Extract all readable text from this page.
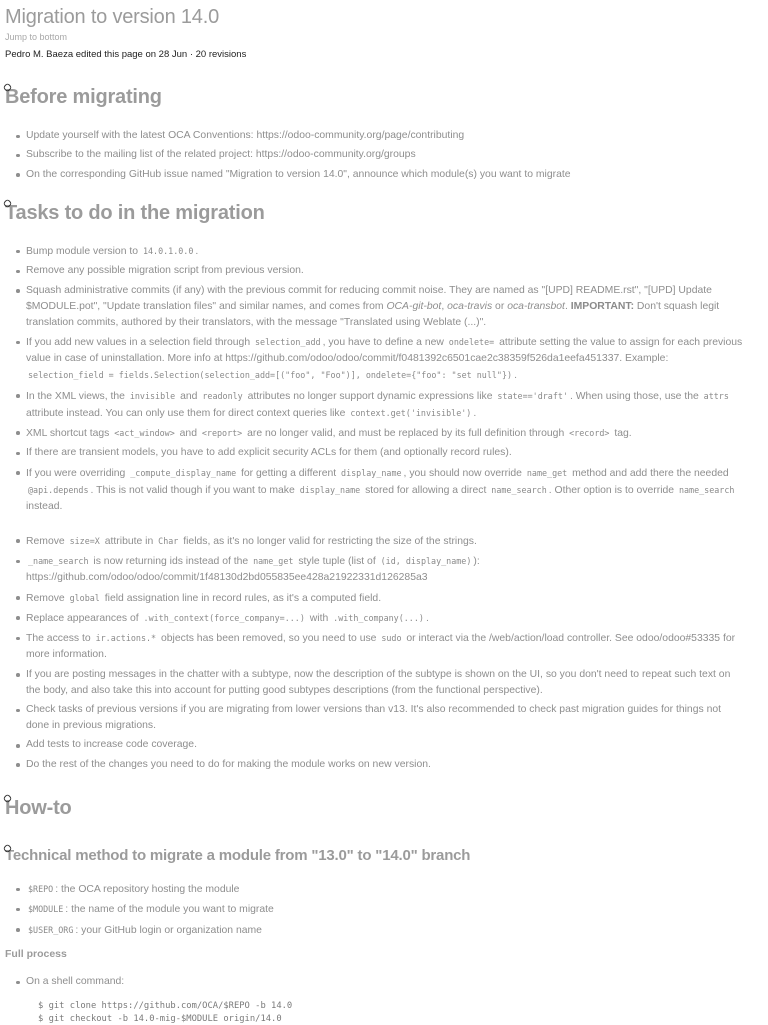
Migration to version 14.0
Jump to bottom
Pedro M. Baeza edited this page on 28 Jun · 20 revisions
Before migrating
Update yourself with the latest OCA Conventions: https://odoo-community.org/page/contributing
Subscribe to the mailing list of the related project: https://odoo-community.org/groups
On the corresponding GitHub issue named "Migration to version 14.0", announce which module(s) you want to migrate
Tasks to do in the migration
Bump module version to 14.0.1.0.0 .
Remove any possible migration script from previous version.
Squash administrative commits (if any) with the previous commit for reducing commit noise. They are named as "[UPD] README.rst", "[UPD] Update $MODULE.pot", "Update translation files" and similar names, and comes from OCA-git-bot, oca-travis or oca-transbot. IMPORTANT: Don't squash legit translation commits, authored by their translators, with the message "Translated using Weblate (...)".
If you add new values in a selection field through selection_add , you have to define a new ondelete= attribute setting the value to assign for each previous value in case of uninstallation. More info at https://github.com/odoo/odoo/commit/f0481392c6501cae2c38359f526da1eefa451337. Example: selection_field = fields.Selection(selection_add=[("foo", "Foo")], ondelete={"foo": "set null"}) .
In the XML views, the invisible and readonly attributes no longer support dynamic expressions like state=='draft' . When using those, use the attrs attribute instead. You can only use them for direct context queries like context.get('invisible') .
XML shortcut tags <act_window> and <report> are no longer valid, and must be replaced by its full definition through <record> tag.
If there are transient models, you have to add explicit security ACLs for them (and optionally record rules).
If you were overriding _compute_display_name for getting a different display_name , you should now override name_get method and add there the needed @api.depends . This is not valid though if you want to make display_name stored for allowing a direct name_search . Other option is to override name_search instead.
Remove size=X attribute in Char fields, as it's no longer valid for restricting the size of the strings.
_name_search is now returning ids instead of the name_get style tuple (list of (id, display_name) ): https://github.com/odoo/odoo/commit/1f48130d2bd055835ee428a21922331d126285a3
Remove global field assignation line in record rules, as it's a computed field.
Replace appearances of .with_context(force_company=...) with .with_company(...) .
The access to ir.actions.* objects has been removed, so you need to use sudo or interact via the /web/action/load controller. See odoo/odoo#53335 for more information.
If you are posting messages in the chatter with a subtype, now the description of the subtype is shown on the UI, so you don't need to repeat such text on the body, and also take this into account for putting good subtypes descriptions (from the functional perspective).
Check tasks of previous versions if you are migrating from lower versions than v13. It's also recommended to check past migration guides for things not done in previous migrations.
Add tests to increase code coverage.
Do the rest of the changes you need to do for making the module works on new version.
How-to
Technical method to migrate a module from "13.0" to "14.0" branch
$REPO : the OCA repository hosting the module
$MODULE : the name of the module you want to migrate
$USER_ORG : your GitHub login or organization name
Full process
On a shell command:
$ git clone https://github.com/OCA/$REPO -b 14.0
$ git checkout -b 14.0-mig-$MODULE origin/14.0
